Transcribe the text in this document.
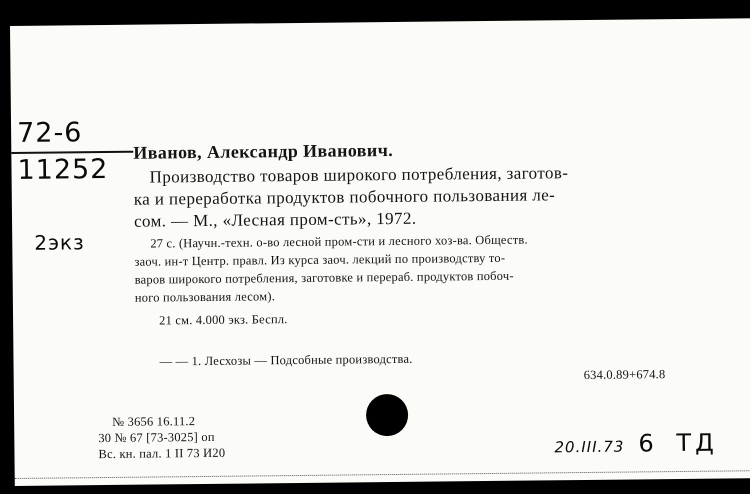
72-6
11252
2экз
Иванов, Александр Иванович.
Производство товаров широкого потребления, заготов-
ка и переработка продуктов побочного пользования ле-
сом. — М., «Лесная пром-сть», 1972.
27 с. (Научн.-техн. о-во лесной пром-сти и лесного хоз-ва. Обществ.
заоч. ин-т Центр. правл. Из курса заоч. лекций по производству то-
варов широкого потребления, заготовке и перераб. продуктов побоч-
ного пользования лесом).
21 см. 4.000 экз. Беспл.
— — 1. Лесхозы — Подсобные производства.
634.0.89+674.8
№ 3656 16.11.2
30 № 67 [73-3025] оп
Вс. кн. пал. 1 II 73 И20	20.III.73 6 ТД
